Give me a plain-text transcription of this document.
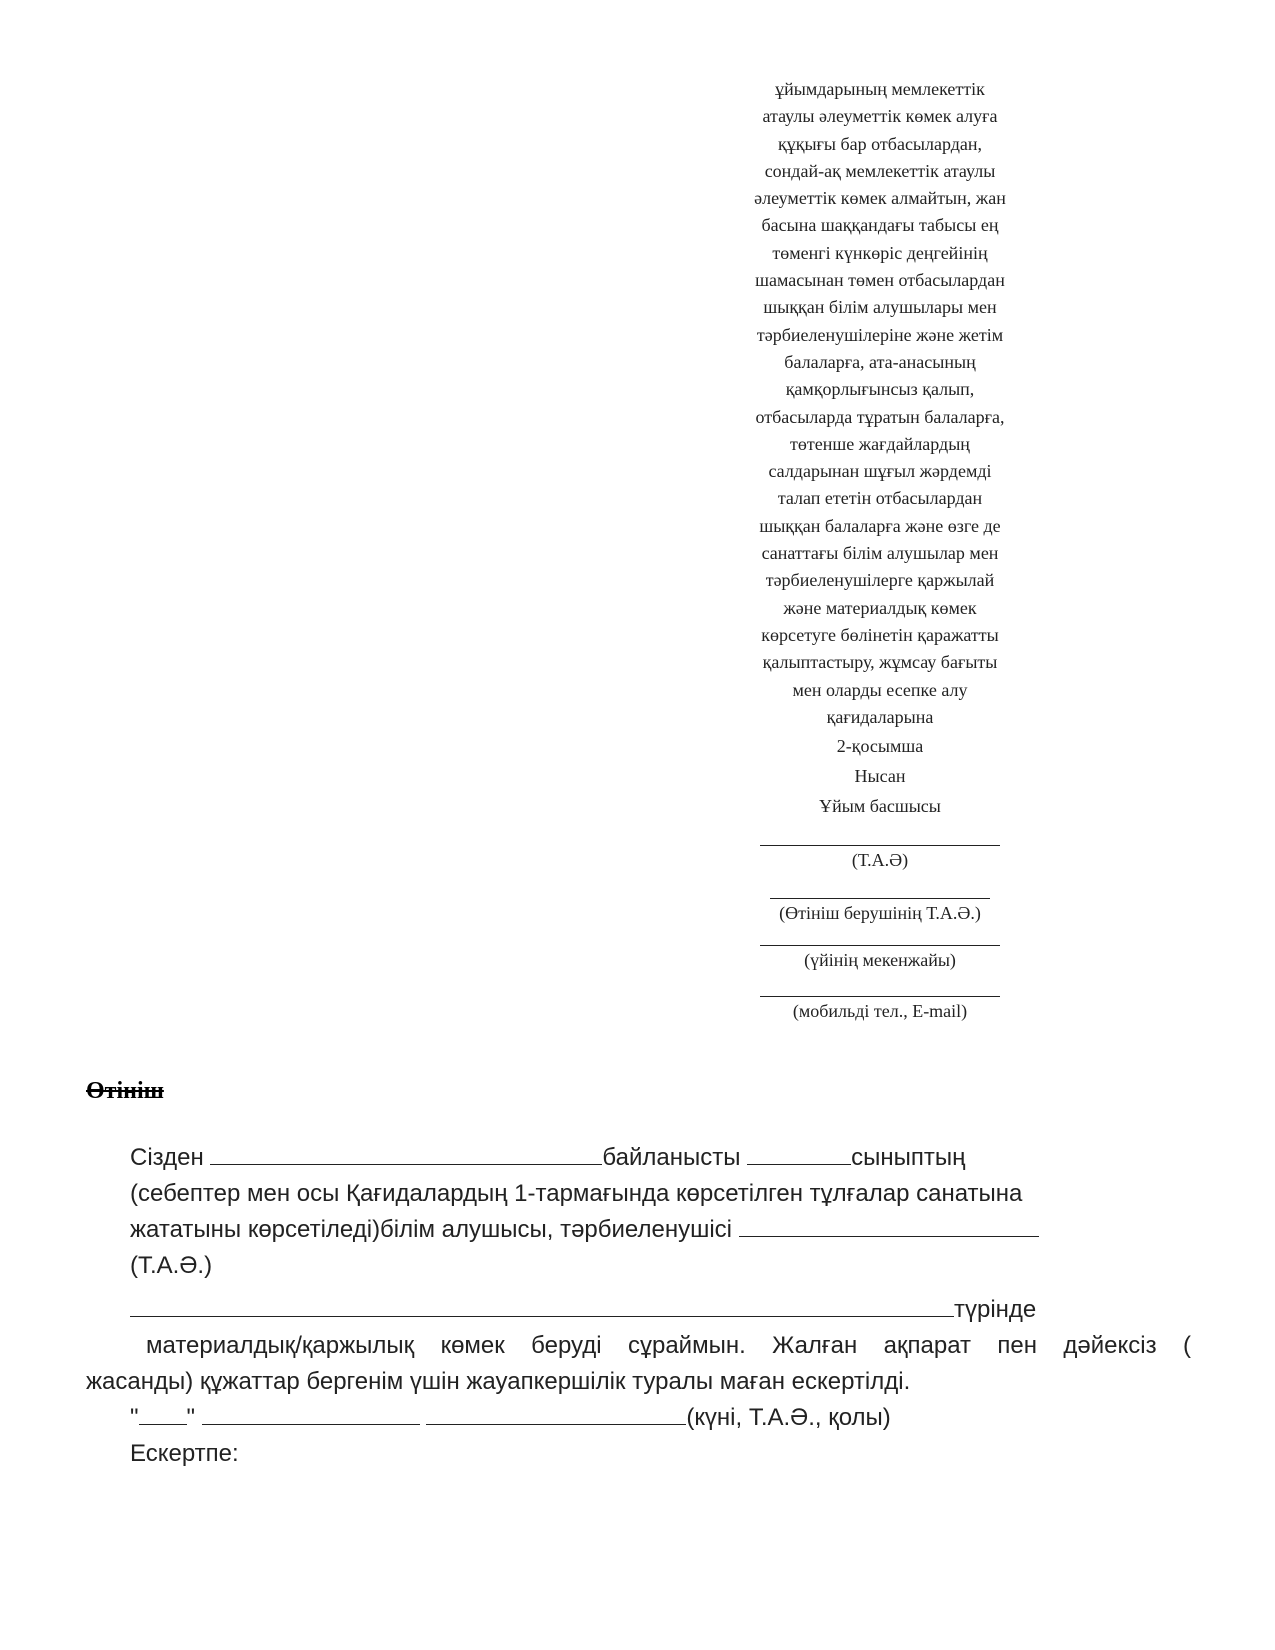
ұйымдарының мемлекеттік
атаулы әлеуметтік көмек алуға
құқығы бар отбасылардан,
сондай-ақ мемлекеттік атаулы
әлеуметтік көмек алмайтын, жан
басына шаққандағы табысы ең
төменгі күнкөріс деңгейінің
шамасынан төмен отбасылардан
шыққан білім алушылары мен
тәрбиеленушілеріне және жетім
балаларға, ата-анасының
қамқорлығынсыз қалып,
отбасыларда тұратын балаларға,
төтенше жағдайлардың
салдарынан шұғыл жәрдемді
талап ететін отбасылардан
шыққан балаларға және өзге де
санаттағы білім алушылар мен
тәрбиеленушілерге қаржылай
және материалдық көмек
көрсетуге бөлінетін қаражатты
қалыптастыру, жұмсау бағыты
мен оларды есепке алу
қағидаларына
2-қосымша
Нысан
Ұйым басшысы
(Т.А.Ә)
(Өтініш берушінің Т.А.Ә.)
(үйінің мекенжайы)
(мобильді тел., E-mail)
Өтініш
Сізден	байланысты	сыныптың
(себептер мен осы Қағидалардың 1-тармағында көрсетілген тұлғалар санатына
жататыны көрсетіледі)білім алушысы, тәрбиеленушісі
(Т.А.Ә.)
түрінде
материалдық/қаржылық көмек беруді сұраймын. Жалған ақпарат пен дәйексіз (
жасанды) құжаттар бергенім үшін жауапкершілік туралы маған ескертілді.
" "	(күні, Т.А.Ә., қолы)
Ескертпе:
